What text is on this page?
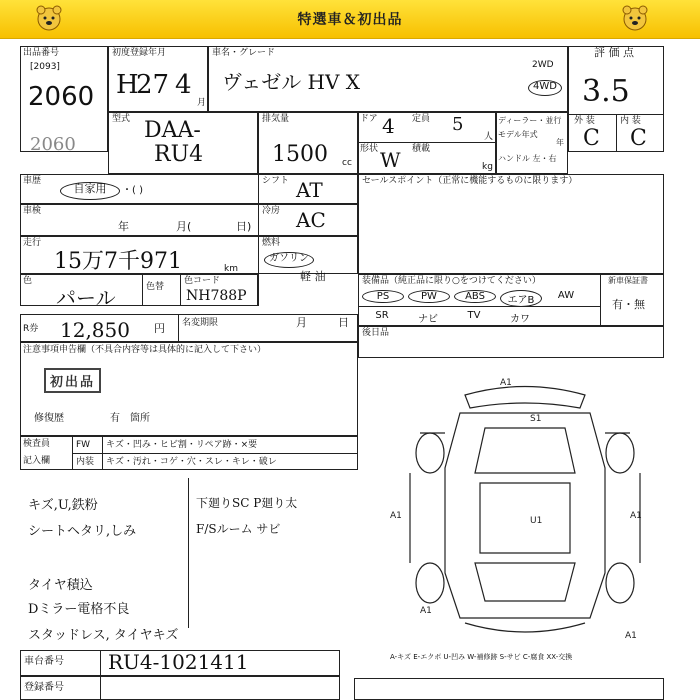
特選車＆初出品
出品番号
[2093]
2060
初度登録年月
H
27 4
月
車名・グレード
ヴェゼル HV X
2WD
4WD
評 価 点
3.5
外 装	内 装
C C
型式 DAA-
RU4
排気量
1500 cc
ドア 4 定員 5
人
形状 W 積載
kg
ディーラー・並行
モデル年式
年
ハンドル 左・右
2060
車歴
自家用	・( )
シフト AT
車検
年	月(	日)
冷房 AC
走行
15万7千971	km
燃料
ガソリン
軽 油
色
パール	色替
色コード
NH788P
R券 12,850 円 名変期限	月	日
注意事項申告欄（不具合内容等は具体的に記入して下さい）
初出品
修復歴	有 箇所
セールスポイント（正常に機能するものに限ります）
装備品（純正品に限り○をつけてください）	新車保証書
有・無
PS	PW	ABS	エアB	AW
SR	ナビ	TV	カワ
後日品
検査員
記入欄
FW キズ・凹み・ヒビ割・リペア跡・×要
内装 キズ・汚れ・コゲ・穴・スレ・キレ・破レ
キズ,U,鉄粉
シートヘタリ,しみ
タイヤ積込
Dミラー電格不良
スタッドレス, タイヤキズ
下廻りSC P廻り太
F/Sルーム サビ
A1
S1
A1	U1	A1
A1
A1
車台番号 RU4-1021411
登録番号
A-キズ E-エクボ U-凹み W-補修跡 S-サビ C-腐食 XX-交換
